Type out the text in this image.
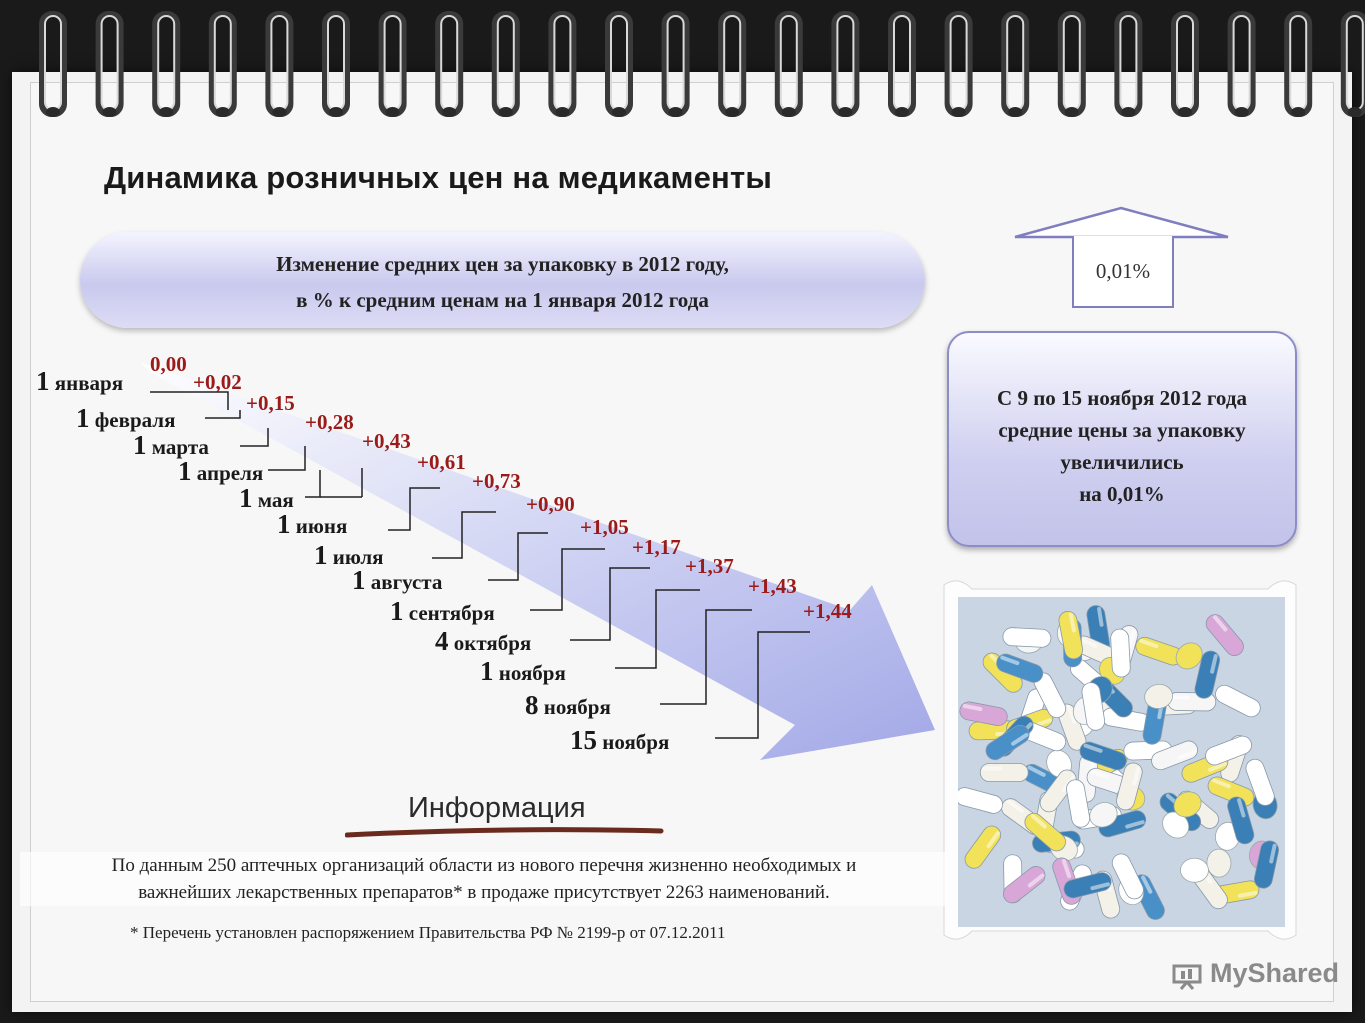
Динамика розничных цен на медикаменты
Изменение средних цен за упаковку в 2012 году,
в % к средним ценам на 1 января 2012 года
0,01%
С 9 по 15 ноября 2012 года
средние цены за упаковку
увеличились
на 0,01%
1 января
0,00
1 февраля
+0,02
1 марта
+0,15
1 апреля
+0,28
1 мая
+0,43
1 июня
+0,61
1 июля
+0,73
1 августа
+0,90
1 сентября
+1,05
4 октября
+1,17
1 ноября
+1,37
8 ноября
+1,43
15 ноября
+1,44
Информация
По данным 250 аптечных организаций области из нового перечня жизненно необходимых и
важнейших лекарственных препаратов* в продаже присутствует 2263 наименований.
* Перечень установлен распоряжением Правительства РФ № 2199-р от 07.12.2011
MyShared
